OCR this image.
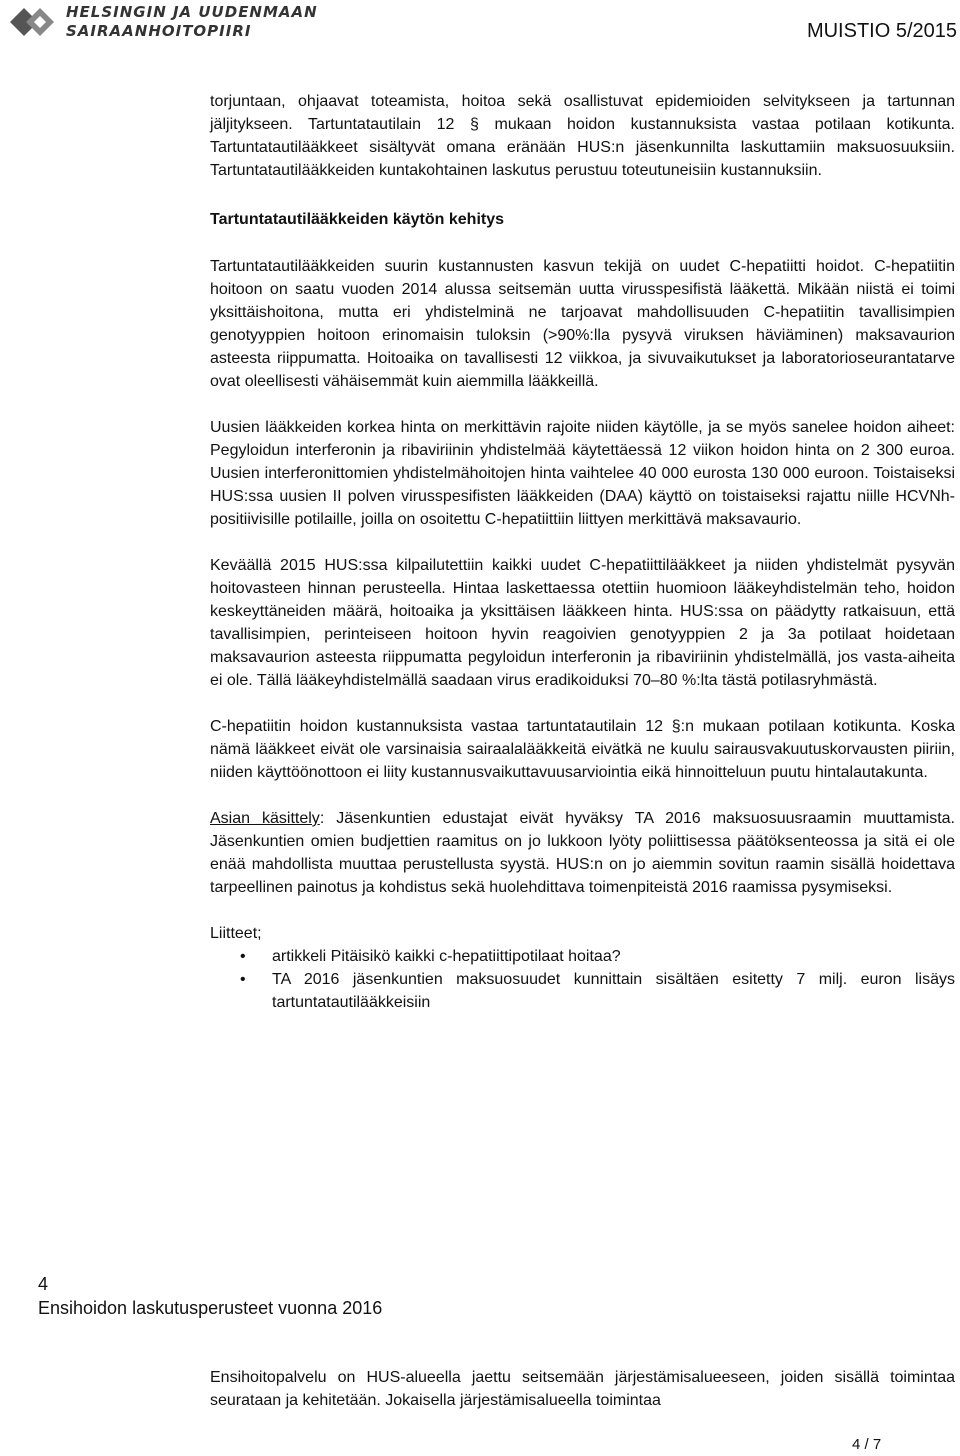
HELSINGIN JA UUDENMAAN
SAIRAANHOITOPIIRI	MUISTIO 5/2015

torjuntaan, ohjaavat toteamista, hoitoa sekä osallistuvat epidemioiden selvitykseen ja tartunnan jäljitykseen. Tartuntatautilain 12 § mukaan hoidon kustannuksista vastaa potilaan kotikunta. Tartuntatautilääkkeet sisältyvät omana eränään HUS:n jäsenkunnilta laskuttamiin maksuosuuksiin. Tartuntatautilääkkeiden kuntakohtainen laskutus perustuu toteutuneisiin kustannuksiin.

Tartuntatautilääkkeiden käytön kehitys

Tartuntatautilääkkeiden suurin kustannusten kasvun tekijä on uudet C-hepatiitti hoidot. C-hepatiitin hoitoon on saatu vuoden 2014 alussa seitsemän uutta virusspesifistä lääkettä. Mikään niistä ei toimi yksittäishoitona, mutta eri yhdistelminä ne tarjoavat mahdollisuuden C-hepatiitin tavallisimpien genotyyppien hoitoon erinomaisin tuloksin (>90%:lla pysyvä viruksen häviäminen) maksavaurion asteesta riippumatta. Hoitoaika on tavallisesti 12 viikkoa, ja sivuvaikutukset ja laboratorioseurantatarve ovat oleellisesti vähäisemmät kuin aiemmilla lääkkeillä.

Uusien lääkkeiden korkea hinta on merkittävin rajoite niiden käytölle, ja se myös sanelee hoidon aiheet: Pegyloidun interferonin ja ribaviriinin yhdistelmää käytettäessä 12 viikon hoidon hinta on 2 300 euroa. Uusien interferonittomien yhdistelmähoitojen hinta vaihtelee 40 000 eurosta 130 000 euroon. Toistaiseksi HUS:ssa uusien II polven virusspesifisten lääkkeiden (DAA) käyttö on toistaiseksi rajattu niille HCVNh-positiivisille potilaille, joilla on osoitettu C-hepatiittiin liittyen merkittävä maksavaurio.

Keväällä 2015 HUS:ssa kilpailutettiin kaikki uudet C-hepatiittilääkkeet ja niiden yhdistelmät pysyvän hoitovasteen hinnan perusteella. Hintaa laskettaessa otettiin huomioon lääkeyhdistelmän teho, hoidon keskeyttäneiden määrä, hoitoaika ja yksittäisen lääkkeen hinta. HUS:ssa on päädytty ratkaisuun, että tavallisimpien, perinteiseen hoitoon hyvin reagoivien genotyyppien 2 ja 3a potilaat hoidetaan maksavaurion asteesta riippumatta pegyloidun interferonin ja ribaviriinin yhdistelmällä, jos vasta-aiheita ei ole. Tällä lääkeyhdistelmällä saadaan virus eradikoiduksi 70–80 %:lta tästä potilasryhmästä.

C-hepatiitin hoidon kustannuksista vastaa tartuntatautilain 12 §:n mukaan potilaan kotikunta. Koska nämä lääkkeet eivät ole varsinaisia sairaalalääkkeitä eivätkä ne kuulu sairausvakuutuskorvausten piiriin, niiden käyttöönottoon ei liity kustannusvaikuttavuusarviointia eikä hinnoitteluun puutu hintalautakunta.

Asian käsittely: Jäsenkuntien edustajat eivät hyväksy TA 2016 maksuosuusraamin muuttamista. Jäsenkuntien omien budjettien raamitus on jo lukkoon lyöty poliittisessa päätöksenteossa ja sitä ei ole enää mahdollista muuttaa perustellusta syystä. HUS:n on jo aiemmin sovitun raamin sisällä hoidettava tarpeellinen painotus ja kohdistus sekä huolehdittava toimenpiteistä 2016 raamissa pysymiseksi.

Liitteet;

• artikkeli Pitäisikö kaikki c-hepatiittipotilaat hoitaa?
• TA 2016 jäsenkuntien maksuosuudet kunnittain sisältäen esitetty 7 milj. euron lisäys tartuntatautilääkkeisiin
4
Ensihoidon laskutusperusteet vuonna 2016
Ensihoitopalvelu on HUS-alueella jaettu seitsemään järjestämisalueeseen, joiden sisällä toimintaa seurataan ja kehitetään. Jokaisella järjestämisalueella toimintaa
4 / 7
